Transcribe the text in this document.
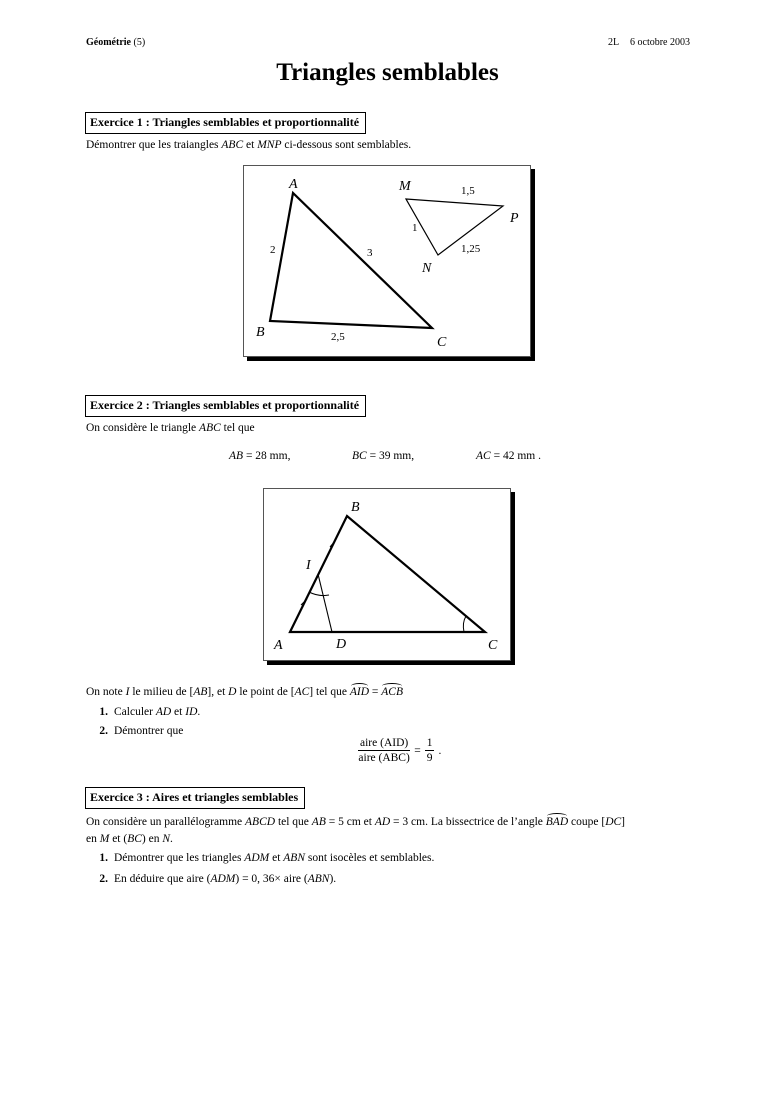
Géométrie (5)	2L 6 octobre 2003
Triangles semblables
Exercice 1 : Triangles semblables et proportionnalité
Démontrer que les traiangles ABC et MNP ci-dessous sont semblables.
A
B
C
M
N
P
2	3
2,5
1
1,5
1,25
Exercice 2 : Triangles semblables et proportionnalité
On considère le triangle ABC tel que
AB = 28 mm,	BC = 39 mm,	AC = 42 mm .
B
I
A	D	C
On note I le milieu de [AB], et D le point de [AC] tel que AID = ACB
1. Calculer AD et ID.
2. Démontrer que
$\frac{\text{aire (AID)}}{\text{aire (ABC)}} = \frac{1}{9}$ .
Exercice 3 : Aires et triangles semblables
On considère un parallélogramme ABCD tel que AB = 5 cm et AD = 3 cm. La bissectrice de l’angle BAD coupe [DC]
en M et (BC) en N.
1. Démontrer que les triangles ADM et ABN sont isocèles et semblables.
2. En déduire que aire (ADM) = 0, 36× aire (ABN).
